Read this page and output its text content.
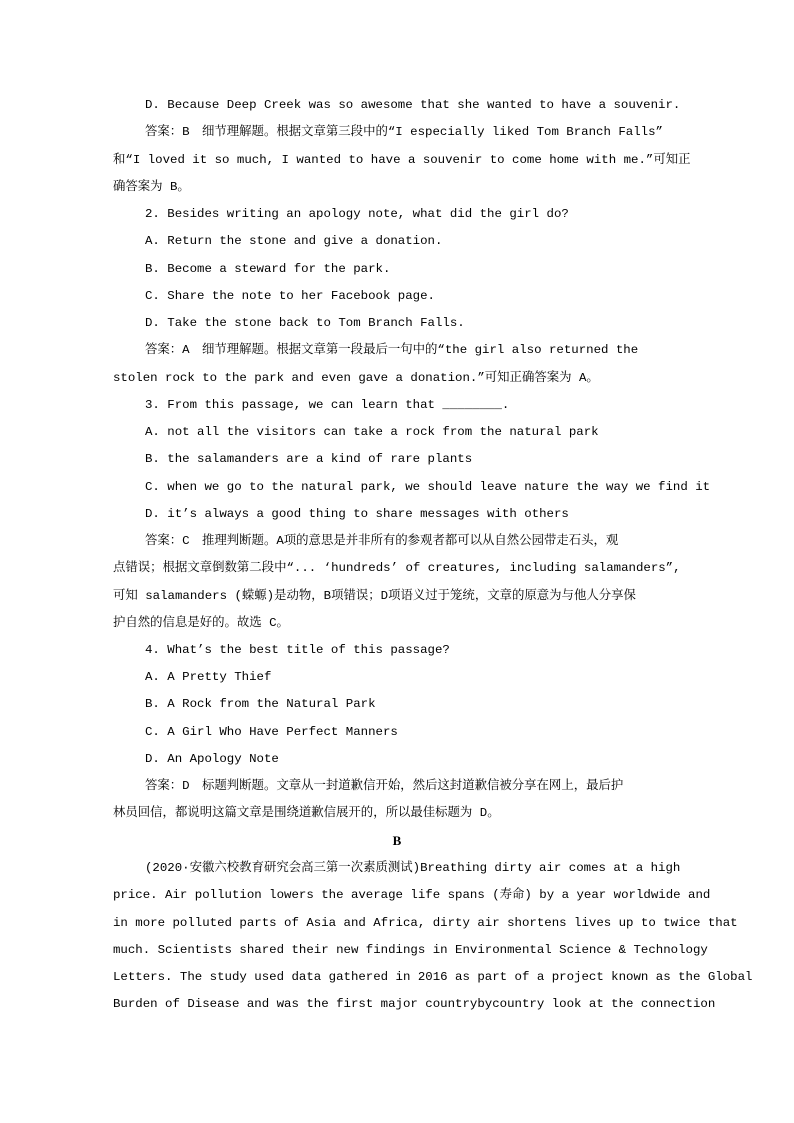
D. Because Deep Creek was so awesome that she wanted to have a souvenir.
答案：B　细节理解题。根据文章第三段中的“I especially liked Tom Branch Falls”
和“I loved it so much, I wanted to have a souvenir to come home with me.”可知正
确答案为 B。
2. Besides writing an apology note, what did the girl do?
A. Return the stone and give a donation.
B. Become a steward for the park.
C. Share the note to her Facebook page.
D. Take the stone back to Tom Branch Falls.
答案：A　细节理解题。根据文章第一段最后一句中的“the girl also returned the
stolen rock to the park and even gave a donation.”可知正确答案为 A。
3. From this passage, we can learn that ________.
A. not all the visitors can take a rock from the natural park
B. the salamanders are a kind of rare plants
C. when we go to the natural park, we should leave nature the way we find it
D. it’s always a good thing to share messages with others
答案：C　推理判断题。A项的意思是并非所有的参观者都可以从自然公园带走石头，观
点错误；根据文章倒数第二段中“... ‘hundreds’ of creatures, including salamanders”,
可知 salamanders (蝾螈)是动物，B项错误；D项语义过于笼统，文章的原意为与他人分享保
护自然的信息是好的。故选 C。
4. What’s the best title of this passage?
A. A Pretty Thief
B. A Rock from the Natural Park
C. A Girl Who Have Perfect Manners
D. An Apology Note
答案：D　标题判断题。文章从一封道歉信开始，然后这封道歉信被分享在网上，最后护
林员回信，都说明这篇文章是围绕道歉信展开的，所以最佳标题为 D。
B
(2020·安徽六校教育研究会高三第一次素质测试)Breathing dirty air comes at a high
price. Air pollution lowers the average life spans (寿命) by a year worldwide and
in more polluted parts of Asia and Africa, dirty air shortens lives up to twice that
much. Scientists shared their new findings in Environmental Science & Technology
Letters. The study used data gathered in 2016 as part of a project known as the Global
Burden of Disease and was the first major countrybycountry look at the connection
